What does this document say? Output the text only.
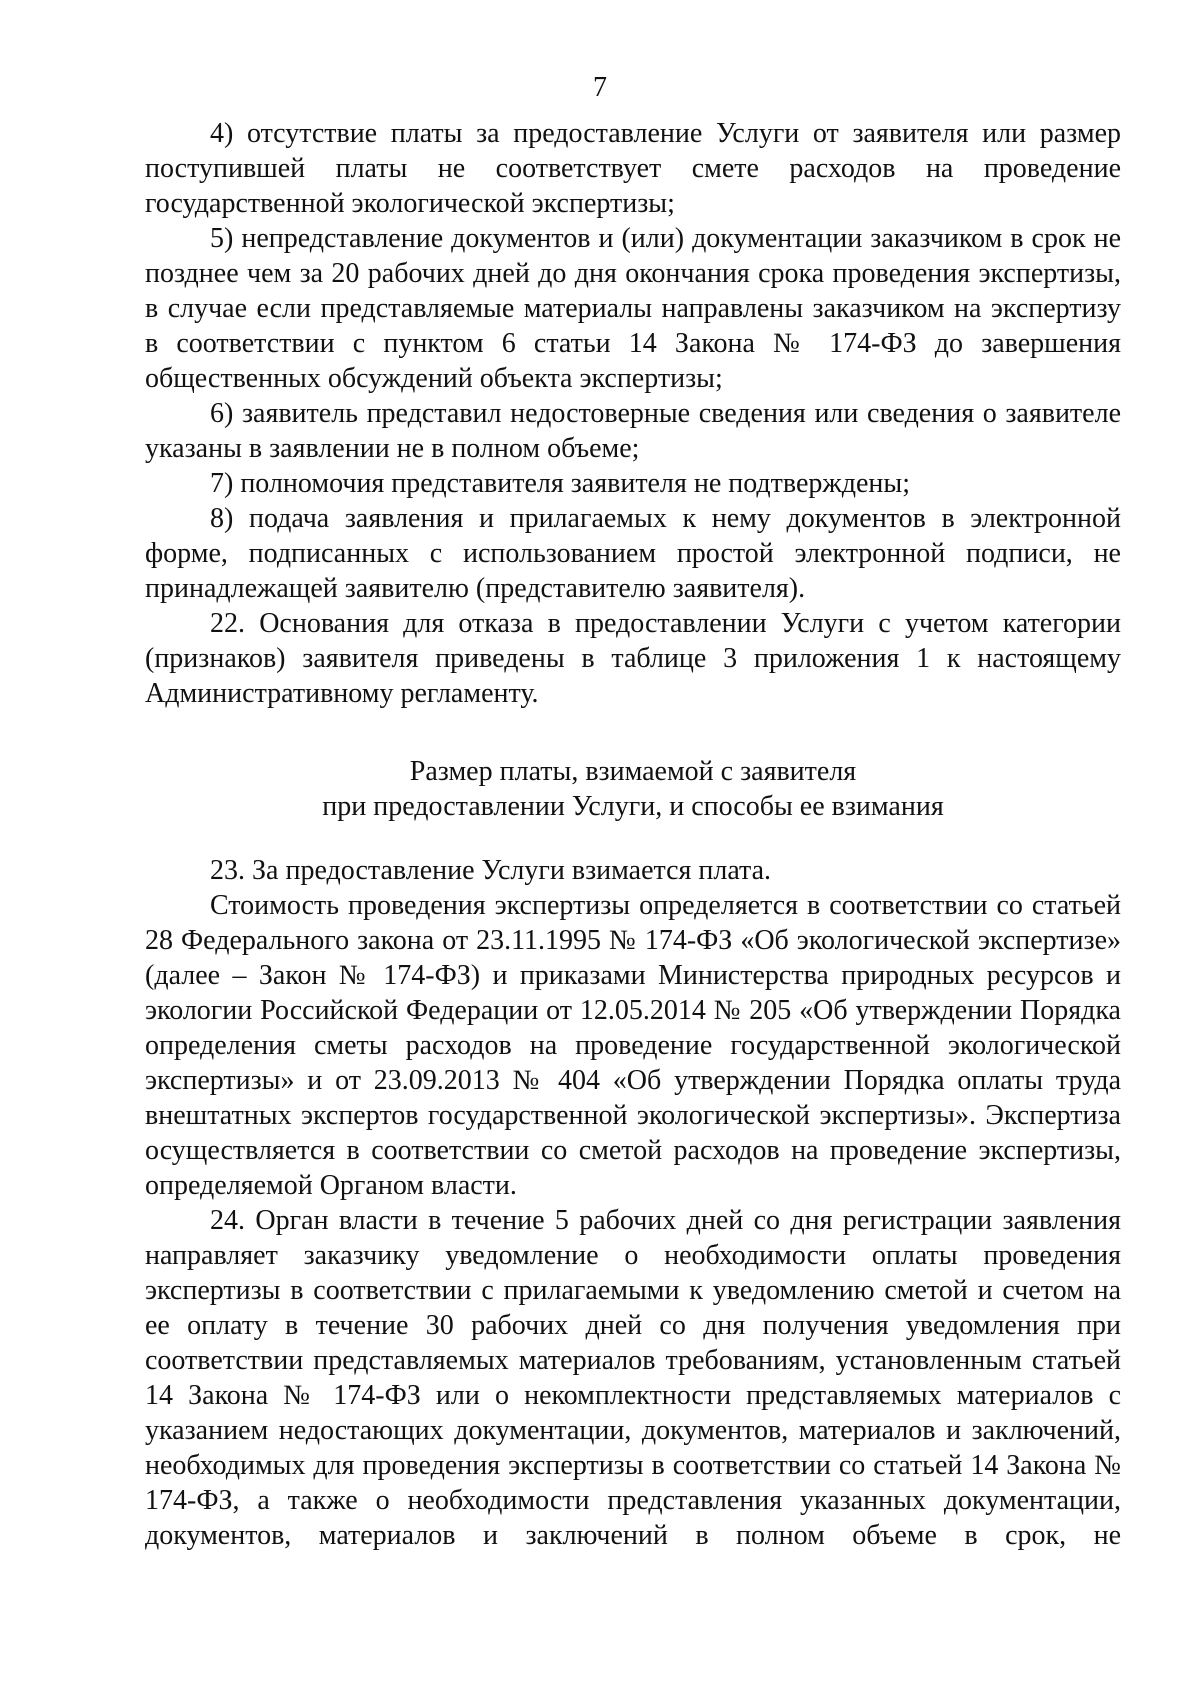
7

4) отсутствие платы за предоставление Услуги от заявителя или размер поступившей платы не соответствует смете расходов на проведение государственной экологической экспертизы;

5) непредставление документов и (или) документации заказчиком в срок не позднее чем за 20 рабочих дней до дня окончания срока проведения экспертизы, в случае если представляемые материалы направлены заказчиком на экспертизу в соответствии с пунктом 6 статьи 14 Закона № 174-ФЗ до завершения общественных обсуждений объекта экспертизы;

6) заявитель представил недостоверные сведения или сведения о заявителе указаны в заявлении не в полном объеме;

7) полномочия представителя заявителя не подтверждены;

8) подача заявления и прилагаемых к нему документов в электронной форме, подписанных с использованием простой электронной подписи, не принадлежащей заявителю (представителю заявителя).

22. Основания для отказа в предоставлении Услуги с учетом категории (признаков) заявителя приведены в таблице 3 приложения 1 к настоящему Административному регламенту.

Размер платы, взимаемой с заявителя
при предоставлении Услуги, и способы ее взимания

23. За предоставление Услуги взимается плата.

Стоимость проведения экспертизы определяется в соответствии со статьей 28 Федерального закона от 23.11.1995 № 174-ФЗ «Об экологической экспертизе» (далее – Закон № 174-ФЗ) и приказами Министерства природных ресурсов и экологии Российской Федерации от 12.05.2014 № 205 «Об утверждении Порядка определения сметы расходов на проведение государственной экологической экспертизы» и от 23.09.2013 № 404 «Об утверждении Порядка оплаты труда внештатных экспертов государственной экологической экспертизы». Экспертиза осуществляется в соответствии со сметой расходов на проведение экспертизы, определяемой Органом власти.

24. Орган власти в течение 5 рабочих дней со дня регистрации заявления направляет заказчику уведомление о необходимости оплаты проведения экспертизы в соответствии с прилагаемыми к уведомлению сметой и счетом на ее оплату в течение 30 рабочих дней со дня получения уведомления при соответствии представляемых материалов требованиям, установленным статьей 14 Закона № 174-ФЗ или о некомплектности представляемых материалов с указанием недостающих документации, документов, материалов и заключений, необходимых для проведения экспертизы в соответствии со статьей 14 Закона № 174-ФЗ, а также о необходимости представления указанных документации, документов, материалов и заключений в полном объеме в срок, не
